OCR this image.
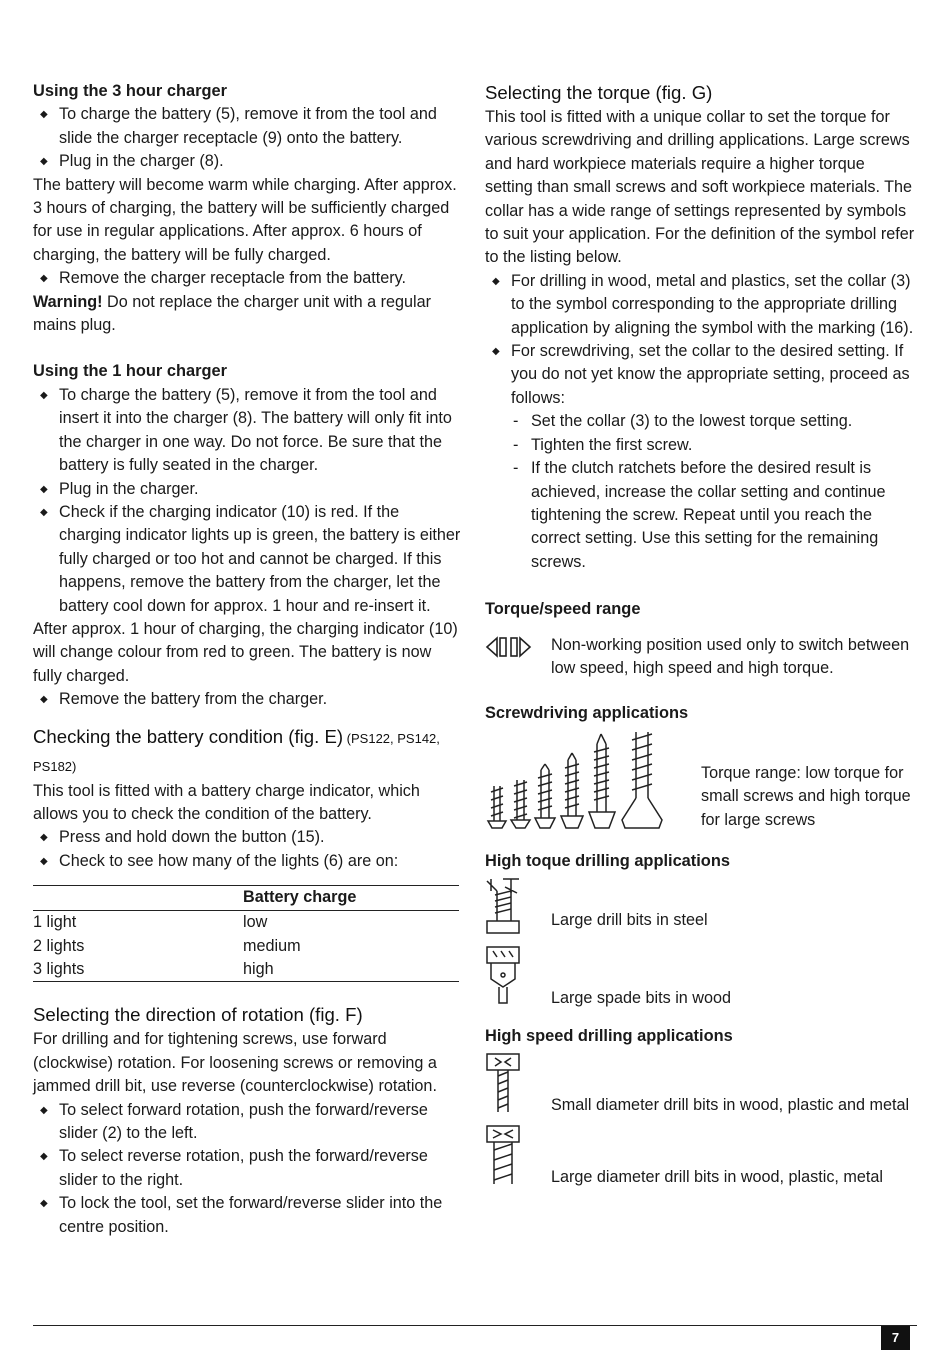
Using the 3 hour charger
◆ To charge the battery (5), remove it from the tool and slide the charger receptacle (9) onto the battery.
◆ Plug in the charger (8).

The battery will become warm while charging. After approx. 3 hours of charging, the battery will be sufficiently charged for use in regular applications. After approx. 6 hours of charging, the battery will be fully charged.

◆ Remove the charger receptacle from the battery.

Warning! Do not replace the charger unit with a regular mains plug.

Using the 1 hour charger
◆ To charge the battery (5), remove it from the tool and insert it into the charger (8). The battery will only fit into the charger in one way. Do not force. Be sure that the battery is fully seated in the charger.
◆ Plug in the charger.
◆ Check if the charging indicator (10) is red. If the charging indicator lights up is green, the battery is either fully charged or too hot and cannot be charged. If this happens, remove the battery from the charger, let the battery cool down for approx. 1 hour and re-insert it.

After approx. 1 hour of charging, the charging indicator (10) will change colour from red to green. The battery is now fully charged.

◆ Remove the battery from the charger.
Checking the battery condition (fig. E) (PS122, PS142, PS182)

This tool is fitted with a battery charge indicator, which allows you to check the condition of the battery.

◆ Press and hold down the button (15).
◆ Check to see how many of the lights (6) are on:
	Battery charge
1 light	low
2 lights	medium
3 lights	high
Selecting the direction of rotation (fig. F)

For drilling and for tightening screws, use forward (clockwise) rotation. For loosening screws or removing a jammed drill bit, use reverse (counterclockwise) rotation.

◆ To select forward rotation, push the forward/reverse slider (2) to the left.
◆ To select reverse rotation, push the forward/reverse slider to the right.
◆ To lock the tool, set the forward/reverse slider into the centre position.
Selecting the torque (fig. G)

This tool is fitted with a unique collar to set the torque for various screwdriving and drilling applications. Large screws and hard workpiece materials require a higher torque setting than small screws and soft workpiece materials. The collar has a wide range of settings represented by symbols to suit your application. For the definition of the symbol refer to the listing below.

◆ For drilling in wood, metal and plastics, set the collar (3) to the symbol corresponding to the appropriate drilling application by aligning the symbol with the marking (16).
◆ For screwdriving, set the collar to the desired setting. If you do not yet know the appropriate setting, proceed as follows:
- Set the collar (3) to the lowest torque setting.
- Tighten the first screw.
- If the clutch ratchets before the desired result is achieved, increase the collar setting and continue tightening the screw. Repeat until you reach the correct setting. Use this setting for the remaining screws.
Torque/speed range
Non-working position used only to switch between low speed, high speed and high torque.
Screwdriving applications
Torque range: low torque for small screws and high torque for large screws
High toque drilling applications
Large drill bits in steel
Large spade bits in wood
High speed drilling applications
Small diameter drill bits in wood, plastic and metal
Large diameter drill bits in wood, plastic, metal
7
